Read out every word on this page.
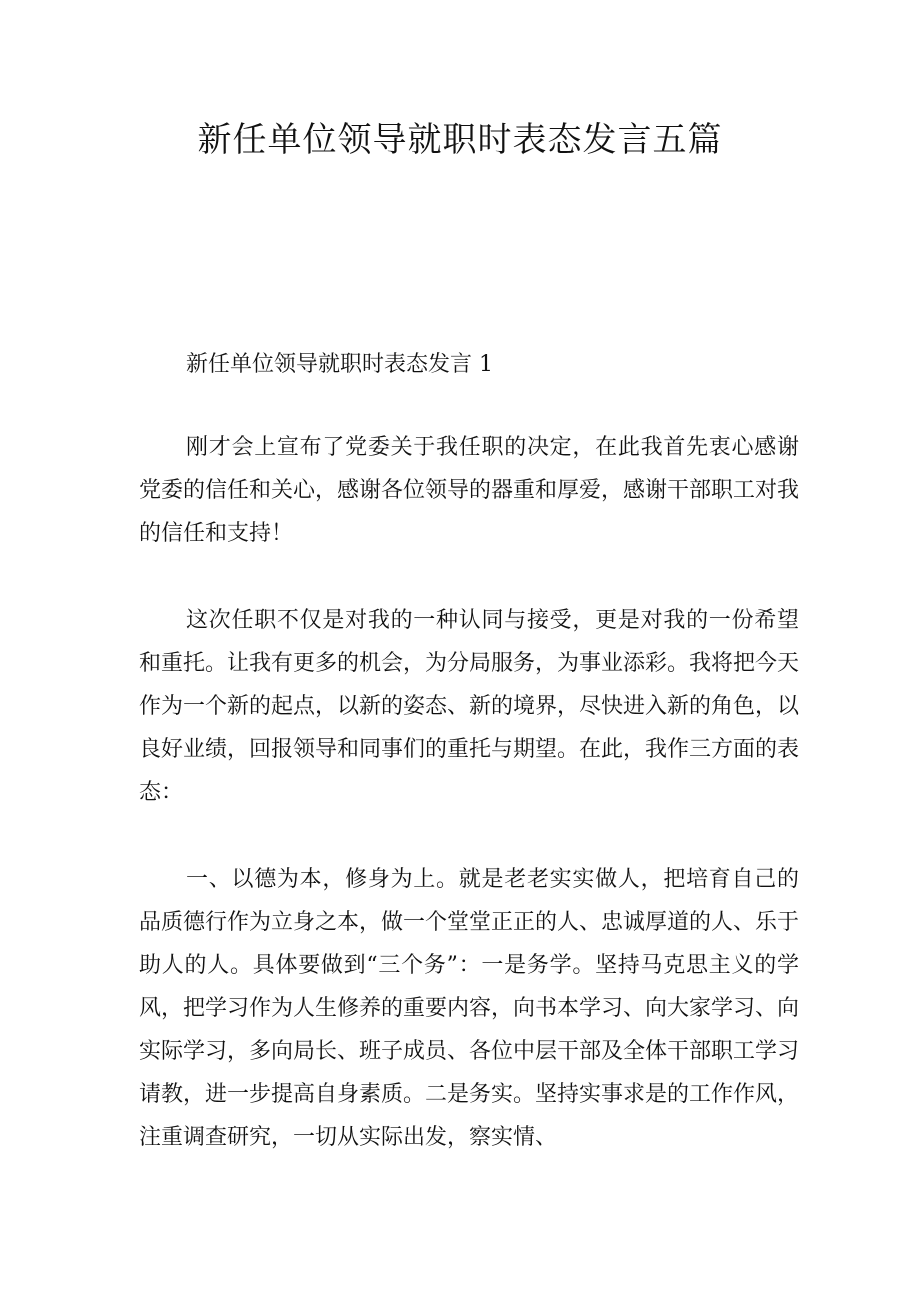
新任单位领导就职时表态发言五篇

新任单位领导就职时表态发言 1

刚才会上宣布了党委关于我任职的决定，在此我首先衷心感谢党委的信任和关心，感谢各位领导的器重和厚爱，感谢干部职工对我的信任和支持！

这次任职不仅是对我的一种认同与接受，更是对我的一份希望和重托。让我有更多的机会，为分局服务，为事业添彩。我将把今天作为一个新的起点，以新的姿态、新的境界，尽快进入新的角色，以良好业绩，回报领导和同事们的重托与期望。在此，我作三方面的表态：

一、以德为本，修身为上。就是老老实实做人，把培育自己的品质德行作为立身之本，做一个堂堂正正的人、忠诚厚道的人、乐于助人的人。具体要做到“三个务”：一是务学。坚持马克思主义的学风，把学习作为人生修养的重要内容，向书本学习、向大家学习、向实际学习，多向局长、班子成员、各位中层干部及全体干部职工学习请教，进一步提高自身素质。二是务实。坚持实事求是的工作作风，注重调查研究，一切从实际出发，察实情、
